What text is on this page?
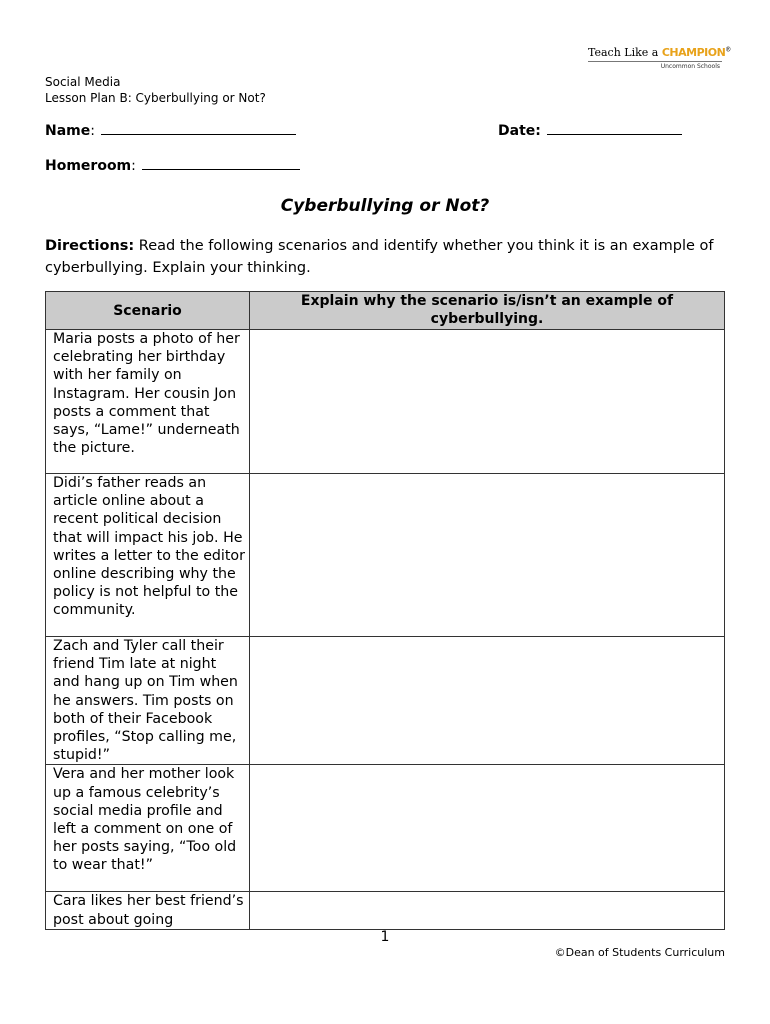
Teach Like a CHAMPION®
Uncommon Schools
Social Media
Lesson Plan B: Cyberbullying or Not?
Name:	Date:
Homeroom:
Cyberbullying or Not?
Directions: Read the following scenarios and identify whether you think it is an example of cyberbullying. Explain your thinking.
Scenario	Explain why the scenario is/isn’t an example of cyberbullying.

Maria posts a photo of her celebrating her birthday with her family on Instagram. Her cousin Jon posts a comment that says, “Lame!” underneath the picture.	

Didi’s father reads an article online about a recent political decision that will impact his job. He writes a letter to the editor online describing why the policy is not helpful to the community.	

Zach and Tyler call their friend Tim late at night and hang up on Tim when he answers. Tim posts on both of their Facebook profiles, “Stop calling me, stupid!”	

Vera and her mother look up a famous celebrity’s social media profile and left a comment on one of her posts saying, “Too old to wear that!”	

Cara likes her best friend’s post about going	

1
©Dean of Students Curriculum
